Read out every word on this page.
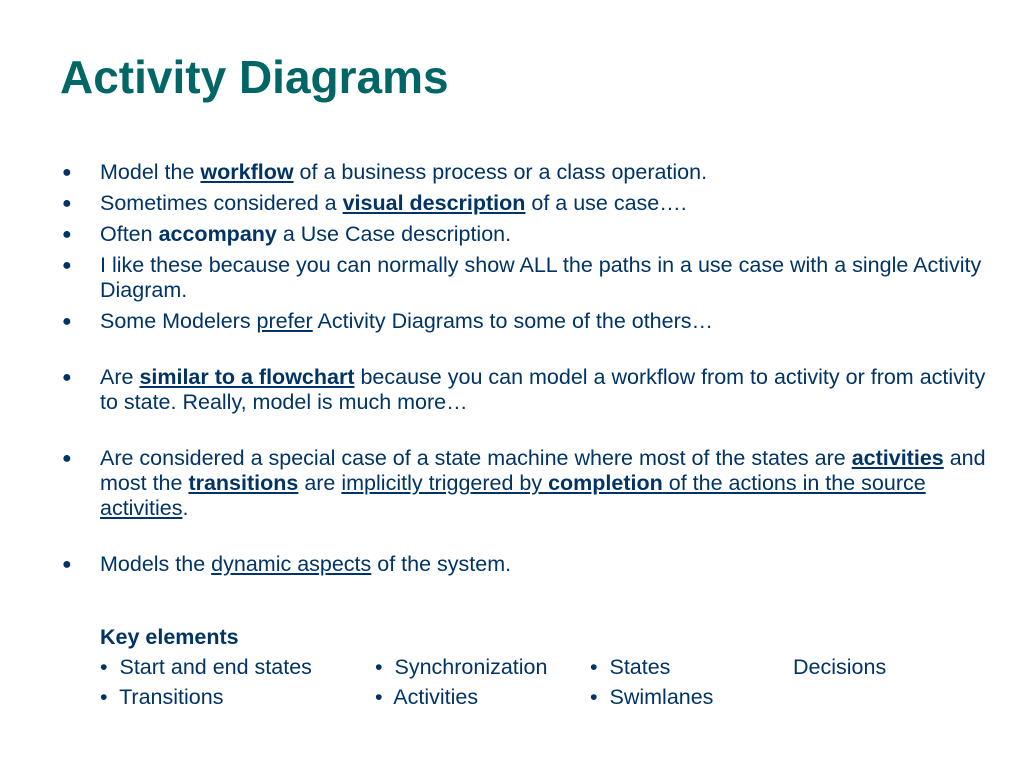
Activity Diagrams
● Model the workflow of a business process or a class operation.
● Sometimes considered a visual description of a use case….
● Often accompany a Use Case description.
● I like these because you can normally show ALL the paths in a use case with a single Activity Diagram.
● Some Modelers prefer Activity Diagrams to some of the others…
● Are similar to a flowchart because you can model a workflow from to activity or from activity to state. Really, model is much more…
● Are considered a special case of a state machine where most of the states are activities and most the transitions are implicitly triggered by completion of the actions in the source activities.
● Models the dynamic aspects of the system.
Key elements
• Start and end states	• Synchronization • States	Decisions
• Transitions	• Activities	• Swimlanes
